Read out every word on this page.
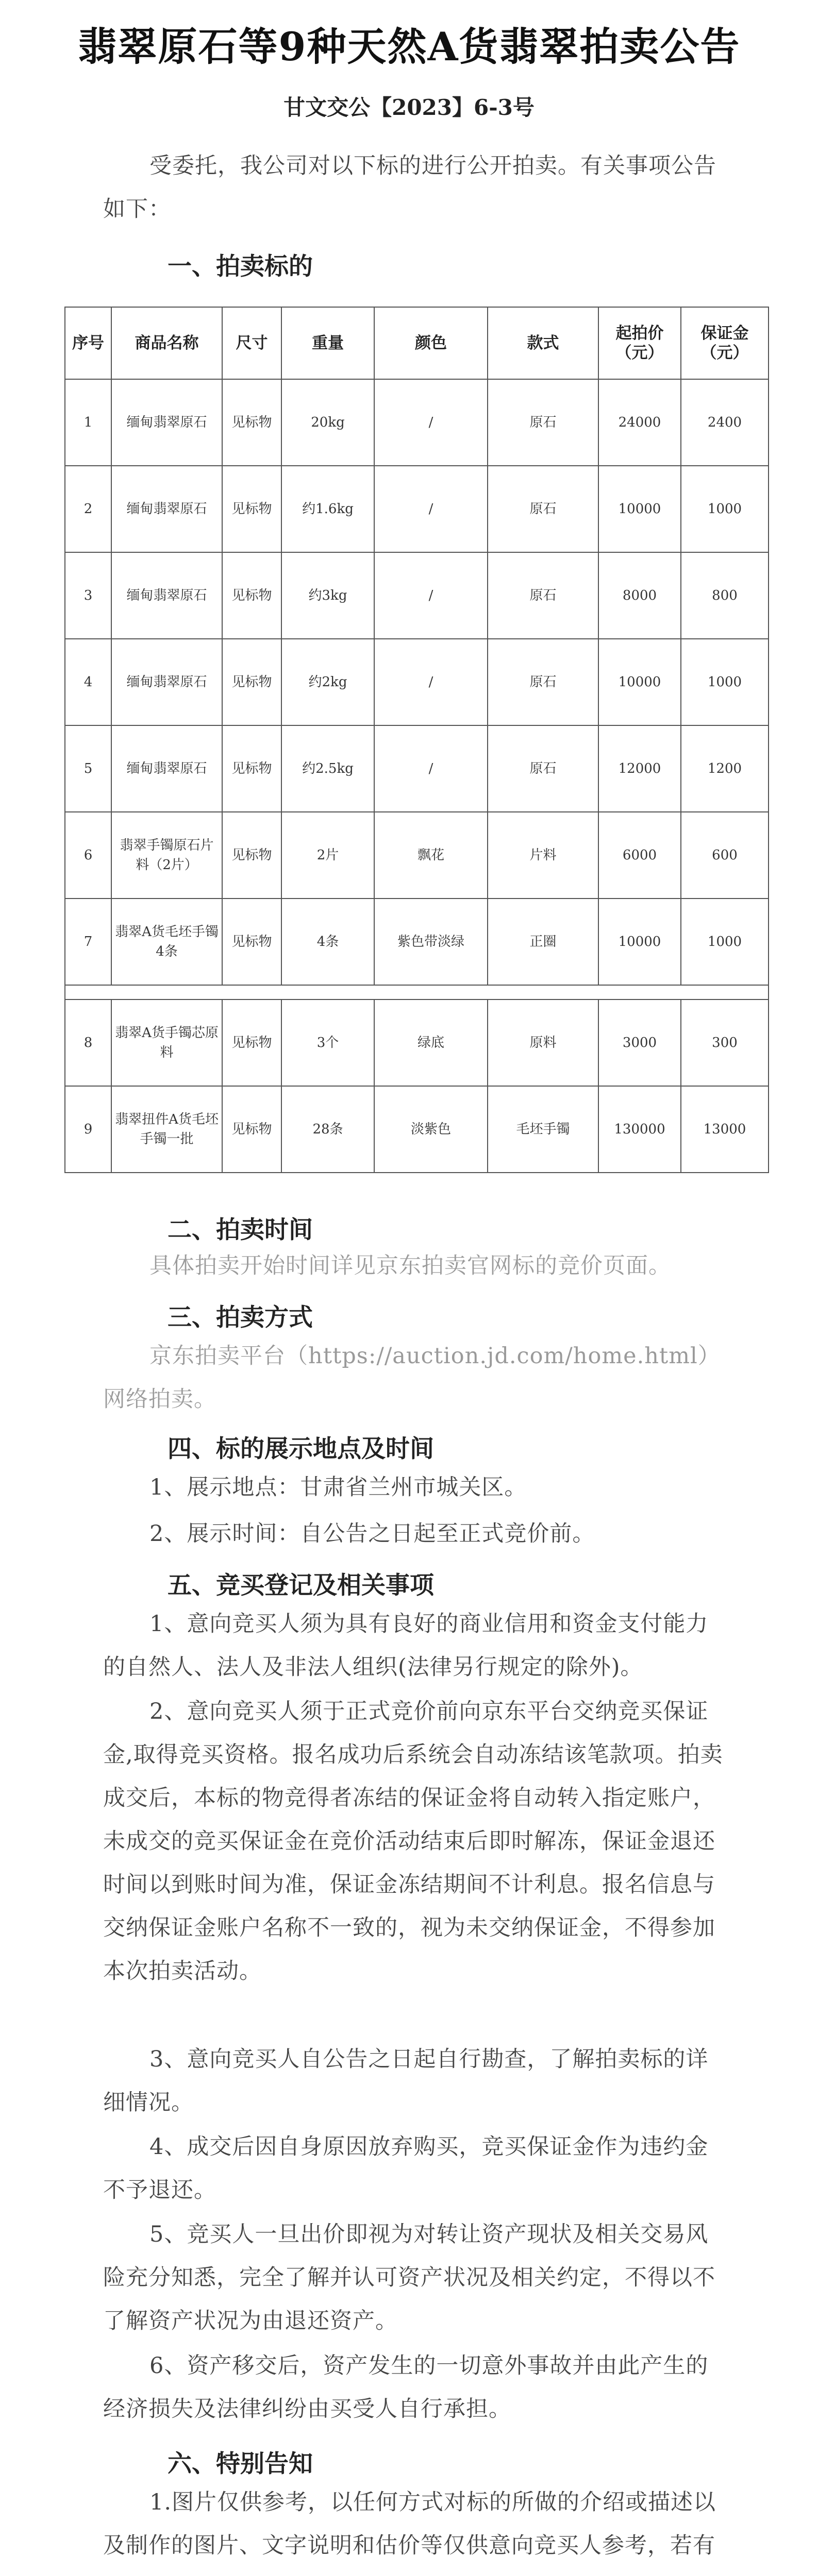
翡翠原石等9种天然A货翡翠拍卖公告
甘文交公【2023】6-3号
受委托，我公司对以下标的进行公开拍卖。有关事项公告如下：
一、拍卖标的
序号	商品名称	尺寸	重量	颜色	款式	起拍价（元）	保证金（元）
1	缅甸翡翠原石	见标物	20kg	/	原石	24000	2400
2	缅甸翡翠原石	见标物	约1.6kg	/	原石	10000	1000
3	缅甸翡翠原石	见标物	约3kg	/	原石	8000	800
4	缅甸翡翠原石	见标物	约2kg	/	原石	10000	1000
5	缅甸翡翠原石	见标物	约2.5kg	/	原石	12000	1200
6	翡翠手镯原石片料（2片）	见标物	2片	飘花	片料	6000	600
7	翡翠A货毛坯手镯4条	见标物	4条	紫色带淡绿	正圈	10000	1000

8	翡翠A货手镯芯原料	见标物	3个	绿底	原料	3000	300
9	翡翠扭件A货毛坯手镯一批	见标物	28条	淡紫色	毛坯手镯	130000	13000
二、拍卖时间
具体拍卖开始时间详见京东拍卖官网标的竞价页面。
三、拍卖方式
京东拍卖平台（https://auction.jd.com/home.html）网络拍卖。
四、标的展示地点及时间
1、展示地点：甘肃省兰州市城关区。
2、展示时间：自公告之日起至正式竞价前。
五、竞买登记及相关事项
1、意向竞买人须为具有良好的商业信用和资金支付能力的自然人、法人及非法人组织(法律另行规定的除外)。
2、意向竞买人须于正式竞价前向京东平台交纳竞买保证金,取得竞买资格。报名成功后系统会自动冻结该笔款项。拍卖成交后，本标的物竞得者冻结的保证金将自动转入指定账户，未成交的竞买保证金在竞价活动结束后即时解冻，保证金退还时间以到账时间为准，保证金冻结期间不计利息。报名信息与交纳保证金账户名称不一致的，视为未交纳保证金，不得参加本次拍卖活动。
3、意向竞买人自公告之日起自行勘查，了解拍卖标的详细情况。
4、成交后因自身原因放弃购买，竞买保证金作为违约金不予退还。
5、竞买人一旦出价即视为对转让资产现状及相关交易风险充分知悉，完全了解并认可资产状况及相关约定，不得以不了解资产状况为由退还资产。
6、资产移交后，资产发生的一切意外事故并由此产生的经济损失及法律纠纷由买受人自行承担。
六、特别告知
1.图片仅供参考，以任何方式对标的所做的介绍或描述以及制作的图片、文字说明和估价等仅供意向竞买人参考，若有
